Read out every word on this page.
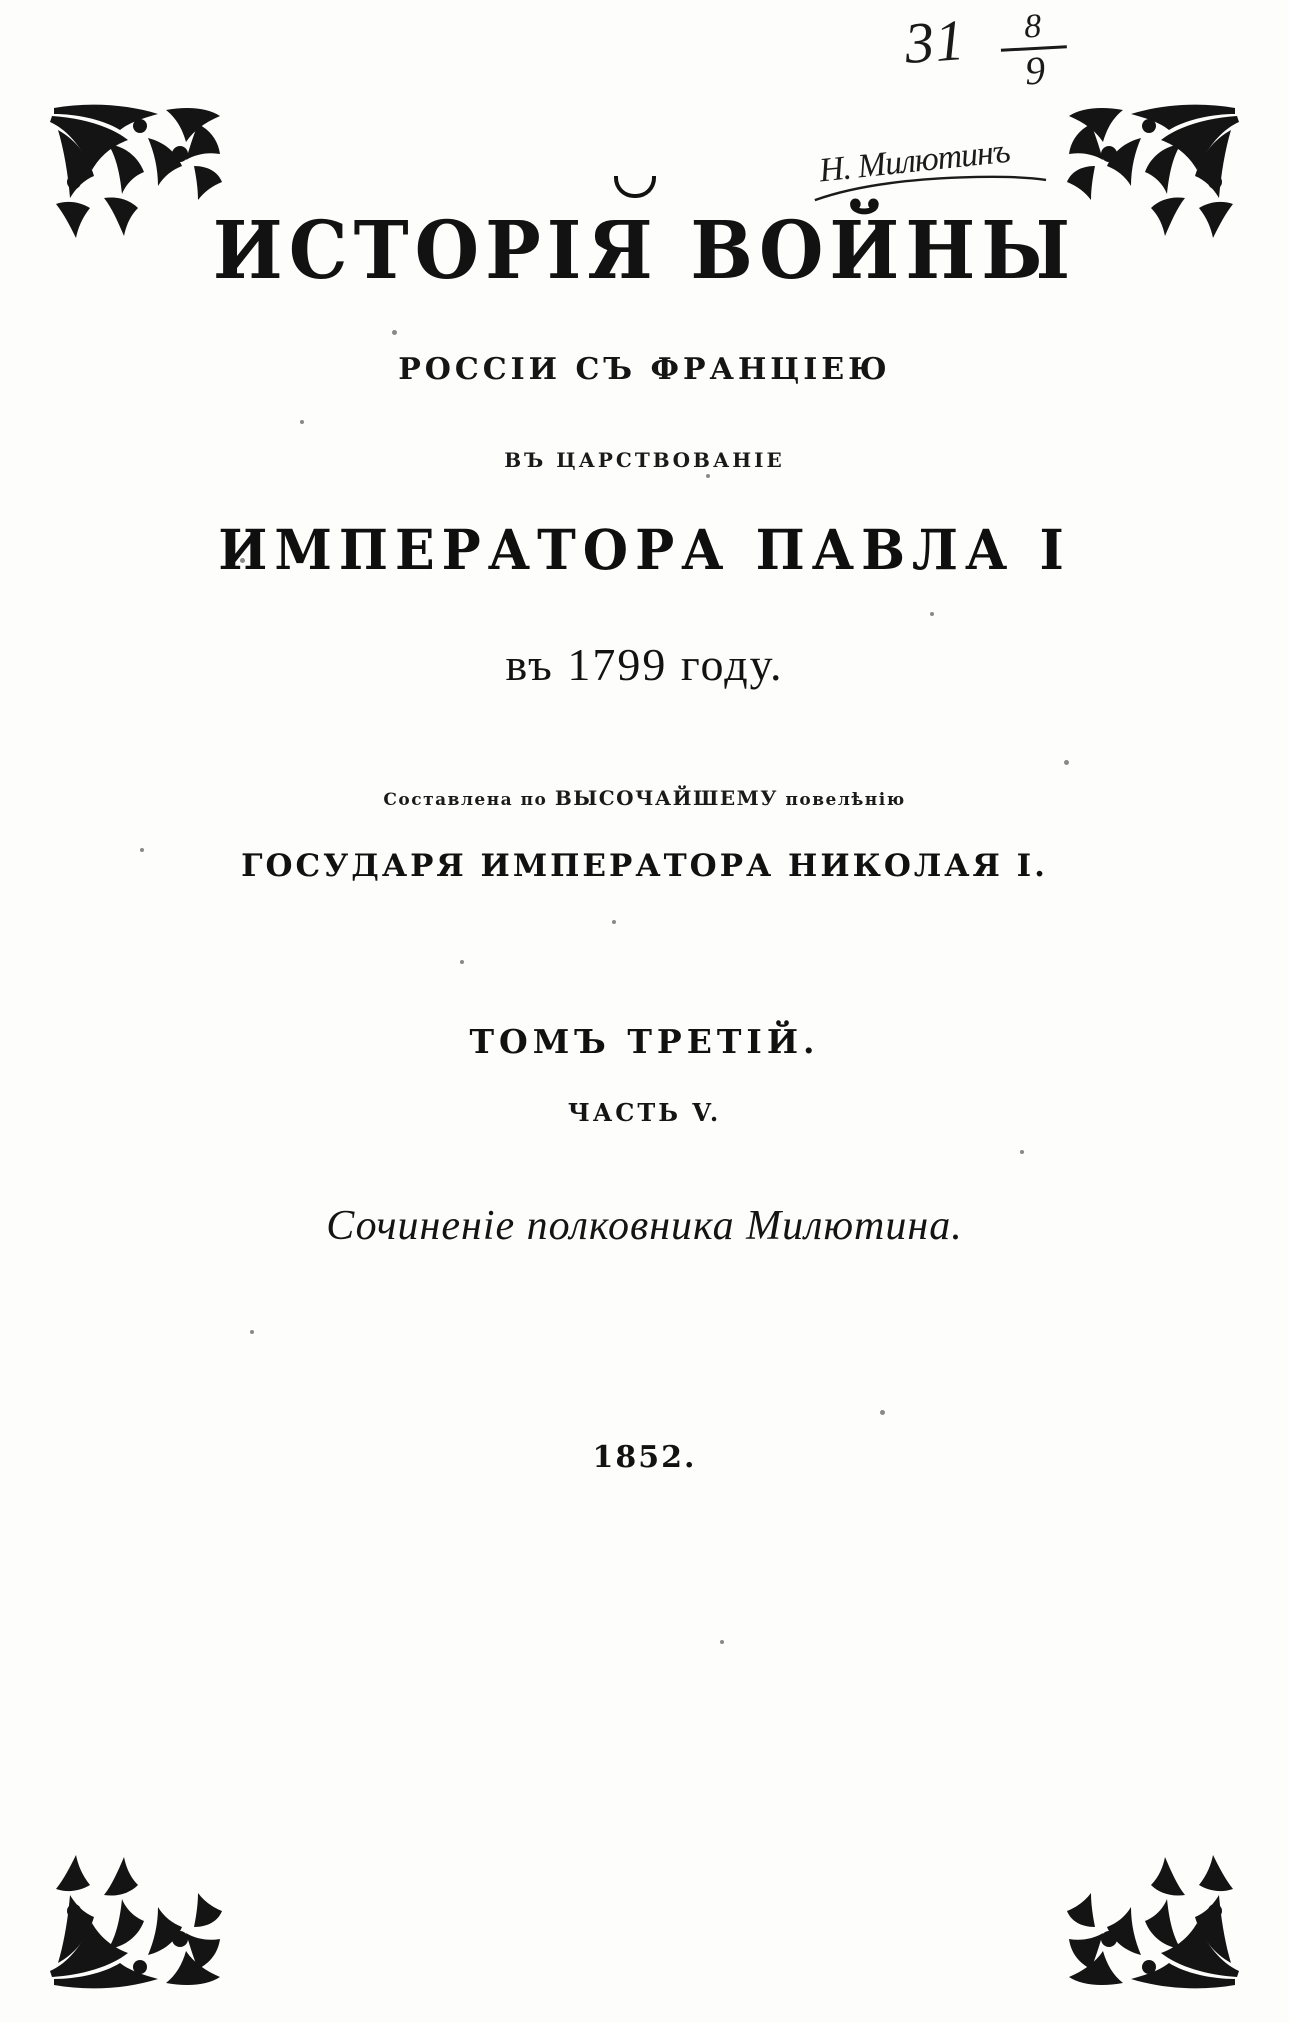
31	8
9
Н. Милютинъ
ИСТОРІЯ ВОЙНЫ
РОССІИ СЪ ФРАНЦІЕЮ
ВЪ ЦАРСТВОВАНІЕ
ИМПЕРАТОРА ПАВЛА I
въ 1799 году.
Составлена по ВЫСОЧАЙШЕМУ повелѣнію
ГОСУДАРЯ ИМПЕРАТОРА НИКОЛАЯ I.
ТОМЪ ТРЕТІЙ.
ЧАСТЬ V.
Сочиненіе полковника Милютина.
1852.
